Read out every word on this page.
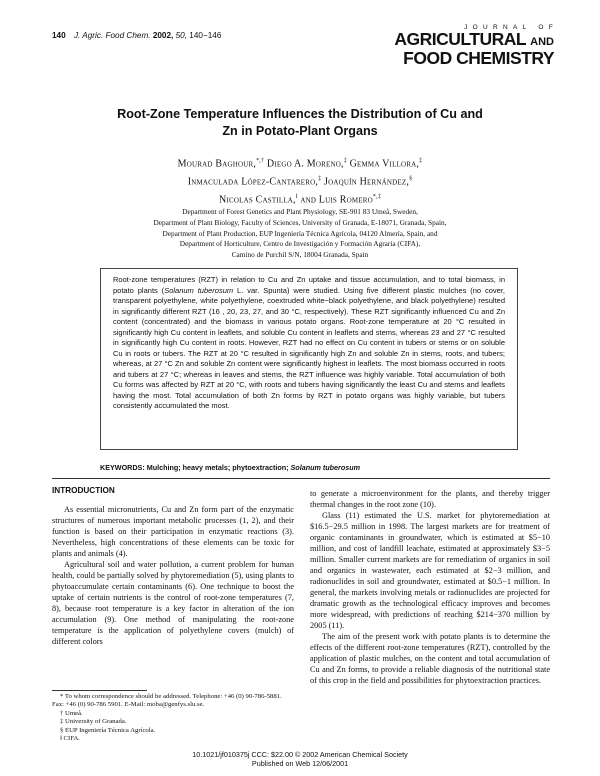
140 J. Agric. Food Chem. 2002, 50, 140−146
JOURNAL OF
AGRICULTURAL AND
FOOD CHEMISTRY
Root-Zone Temperature Influences the Distribution of Cu and
Zn in Potato-Plant Organs
Mourad Baghour,*,† Diego A. Moreno,‡ Gemma Villora,‡
Inmaculada López-Cantarero,‡ Joaquín Hernández,§
Nicolas Castilla,‖ and Luis Romero*,‡
Department of Forest Genetics and Plant Physiology, SE-901 83 Umeå, Sweden,
Department of Plant Biology, Faculty of Sciences, University of Granada, E-18071, Granada, Spain,
Department of Plant Production, EUP Ingeniería Técnica Agrícola, 04120 Almería, Spain, and
Department of Horticulture, Centro de Investigación y Formación Agraria (CIFA),
Camino de Purchil S/N, 18004 Granada, Spain
Root-zone temperatures (RZT) in relation to Cu and Zn uptake and tissue accumulation, and to total biomass, in potato plants (Solanum tuberosum L. var. Spunta) were studied. Using five different plastic mulches (no cover, transparent polyethylene, white polyethylene, coextruded white−black polyethylene, and black polyethylene) resulted in significantly different RZT (16 , 20, 23, 27, and 30 °C, respectively). These RZT significantly influenced Cu and Zn content (concentrated) and the biomass in various potato organs. Root-zone temperature at 20 °C resulted in significantly high Cu content in leaflets, and soluble Cu content in leaflets and stems, whereas 23 and 27 °C resulted in significantly high Cu content in roots. However, RZT had no effect on Cu content in tubers or stems or on soluble Cu in roots or tubers. The RZT at 20 °C resulted in significantly high Zn and soluble Zn in stems, roots, and tubers; whereas, at 27 °C Zn and soluble Zn content were significantly highest in leaflets. The most biomass occurred in roots and tubers at 27 °C; whereas in leaves and stems, the RZT influence was highly variable. Total accumulation of both Cu forms was affected by RZT at 20 °C, with roots and tubers having significantly the least Cu and stems and leaflets having the most. Total accumulation of both Zn forms by RZT in potato organs was highly variable, but tubers consistently accumulated the most.
KEYWORDS: Mulching; heavy metals; phytoextraction; Solanum tuberosum
INTRODUCTION

As essential micronutrients, Cu and Zn form part of the enzymatic structures of numerous important metabolic processes (1, 2), and their function is based on their participation in enzymatic reactions (3). Nevertheless, high concentrations of these elements can be toxic for plants and animals (4).

Agricultural soil and water pollution, a current problem for human health, could be partially solved by phytoremediation (5), using plants to phytoaccumulate certain contaminants (6). One technique to boost the uptake of certain nutrients is the control of root-zone temperatures (7, 8), because root temperature is a key factor in alteration of the ion accumulation (9). One method of manipulating the root-zone temperature is the application of polyethylene covers (mulch) of different colors

* To whom correspondence should be addressed. Telephone: +46 (0) 90-786-5881. Fax: +46 (0) 90-786 5901. E-Mail: moba@genfys.slu.se.

† Umeå.

‡ University of Granada.

§ EUP Ingeniería Técnica Agrícola.

‖ CIFA.

to generate a microenvironment for the plants, and thereby trigger thermal changes in the root zone (10).

Glass (11) estimated the U.S. market for phytoremediation at $16.5−29.5 million in 1998. The largest markets are for treatment of organic contaminants in groundwater, which is estimated at $5−10 million, and cost of landfill leachate, estimated at approximately $3−5 million. Smaller current markets are for remediation of organics in soil and organics in wastewater, each estimated at $2−3 million, and radionuclides in soil and groundwater, estimated at $0.5−1 million. In general, the markets involving metals or radionuclides are projected for dramatic growth as the technological efficacy improves and becomes more widespread, with predictions of reaching $214−370 million by 2005 (11).

The aim of the present work with potato plants is to determine the effects of the different root-zone temperatures (RZT), controlled by the application of plastic mulches, on the content and total accumulation of Cu and Zn forms, to provide a reliable diagnosis of the nutritional state of this crop in the field and possibilities for phytoextraction practices.

10.1021/jf010375j CCC: $22.00 © 2002 American Chemical Society
Published on Web 12/06/2001
